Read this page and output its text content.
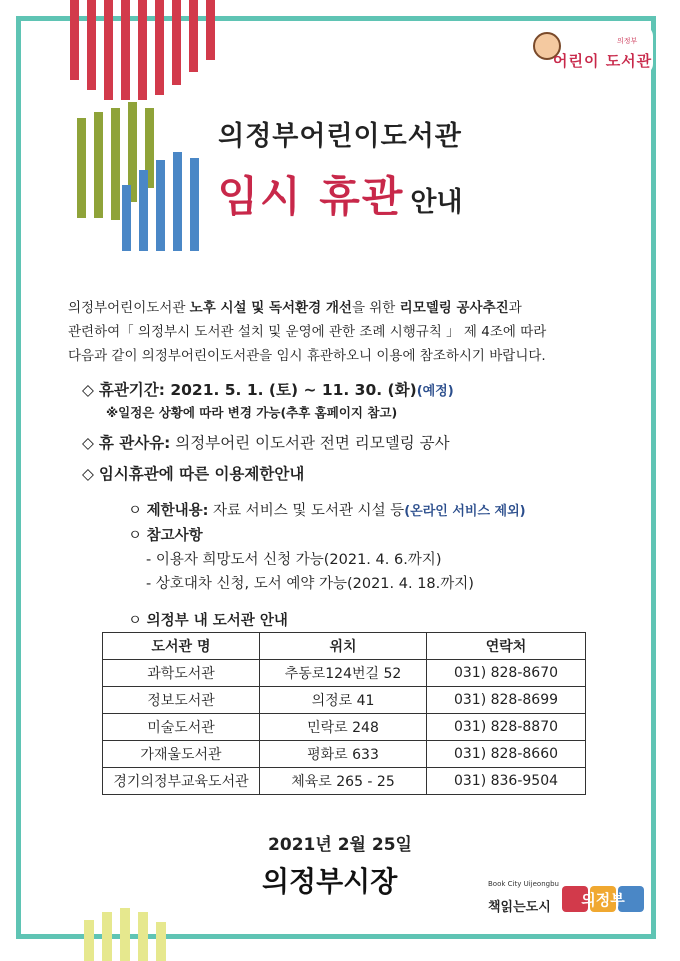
의정부
어린이 도서관
의정부어린이도서관
임시 휴관 안내
의정부어린이도서관 노후 시설 및 독서환경 개선을 위한 리모델링 공사추진과
관련하여「 의정부시 도서관 설치 및 운영에 관한 조례 시행규칙 」 제 4조에 따라
다음과 같이 의정부어린이도서관을 임시 휴관하오니 이용에 참조하시기 바랍니다.
◇ 휴관기간: 2021. 5. 1. (토) ~ 11. 30. (화)(예정)
※일정은 상황에 따라 변경 가능(추후 홈페이지 참고)
◇ 휴 관사유: 의정부어린 이도서관 전면 리모델링 공사
◇ 임시휴관에 따른 이용제한안내
ㅇ 제한내용: 자료 서비스 및 도서관 시설 등(온라인 서비스 제외)
ㅇ 참고사항
- 이용자 희망도서 신청 가능(2021. 4. 6.까지)
- 상호대차 신청, 도서 예약 가능(2021. 4. 18.까지)
ㅇ 의정부 내 도서관 안내
도서관 명	위치	연락처
과학도서관	추동로124번길 52	031) 828-8670
정보도서관	의정로 41	031) 828-8699
미술도서관	민락로 248	031) 828-8870
가재울도서관	평화로 633	031) 828-8660
경기의정부교육도서관	체육로 265 - 25	031) 836-9504
2021년 2월 25일
의정부시장	Book City Uijeongbu
책읽는도시 의정부
